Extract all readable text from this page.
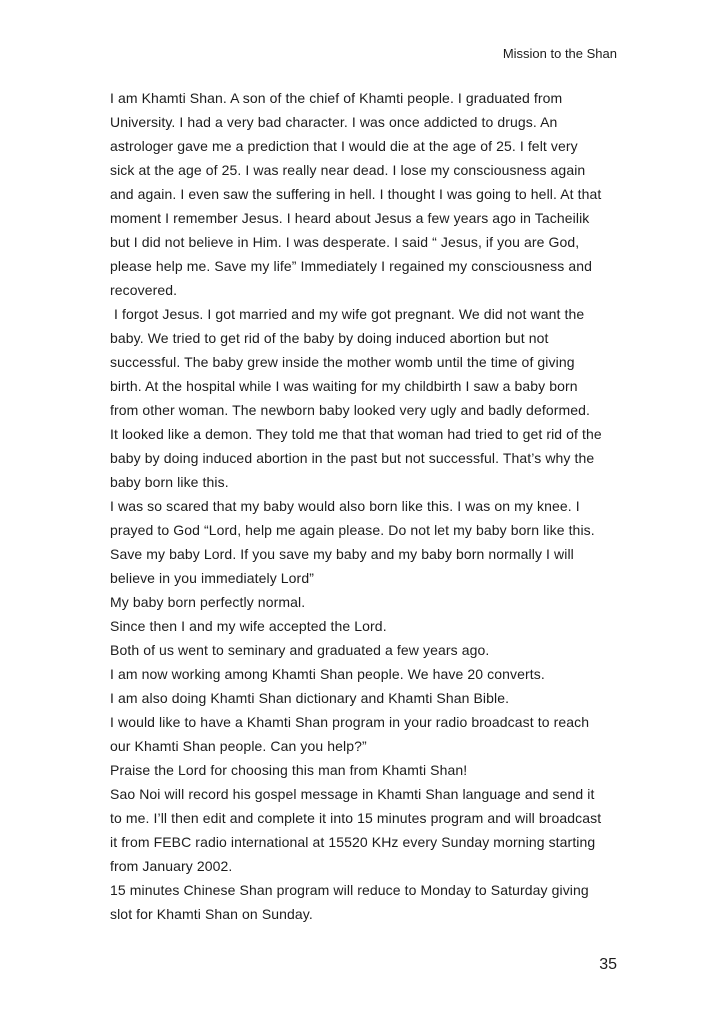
Mission to the Shan
I am Khamti Shan. A son of the chief of Khamti people. I graduated from
University. I had a very bad character. I was once addicted to drugs. An
astrologer gave me a prediction that I would die at the age of 25. I felt very
sick at the age of 25. I was really near dead. I lose my consciousness again
and again. I even saw the suffering in hell. I thought I was going to hell. At that
moment I remember Jesus. I heard about Jesus a few years ago in Tacheilik
but I did not believe in Him. I was desperate. I said “ Jesus, if you are God,
please help me. Save my life” Immediately I regained my consciousness and
recovered.
I forgot Jesus. I got married and my wife got pregnant. We did not want the
baby. We tried to get rid of the baby by doing induced abortion but not
successful. The baby grew inside the mother womb until the time of giving
birth. At the hospital while I was waiting for my childbirth I saw a baby born
from other woman. The newborn baby looked very ugly and badly deformed.
It looked like a demon. They told me that that woman had tried to get rid of the
baby by doing induced abortion in the past but not successful. That’s why the
baby born like this.
I was so scared that my baby would also born like this. I was on my knee. I
prayed to God “Lord, help me again please. Do not let my baby born like this.
Save my baby Lord. If you save my baby and my baby born normally I will
believe in you immediately Lord”
My baby born perfectly normal.
Since then I and my wife accepted the Lord.
Both of us went to seminary and graduated a few years ago.
I am now working among Khamti Shan people. We have 20 converts.
I am also doing Khamti Shan dictionary and Khamti Shan Bible.
I would like to have a Khamti Shan program in your radio broadcast to reach
our Khamti Shan people. Can you help?”
Praise the Lord for choosing this man from Khamti Shan!
Sao Noi will record his gospel message in Khamti Shan language and send it
to me. I’ll then edit and complete it into 15 minutes program and will broadcast
it from FEBC radio international at 15520 KHz every Sunday morning starting
from January 2002.
15 minutes Chinese Shan program will reduce to Monday to Saturday giving
slot for Khamti Shan on Sunday.
35
